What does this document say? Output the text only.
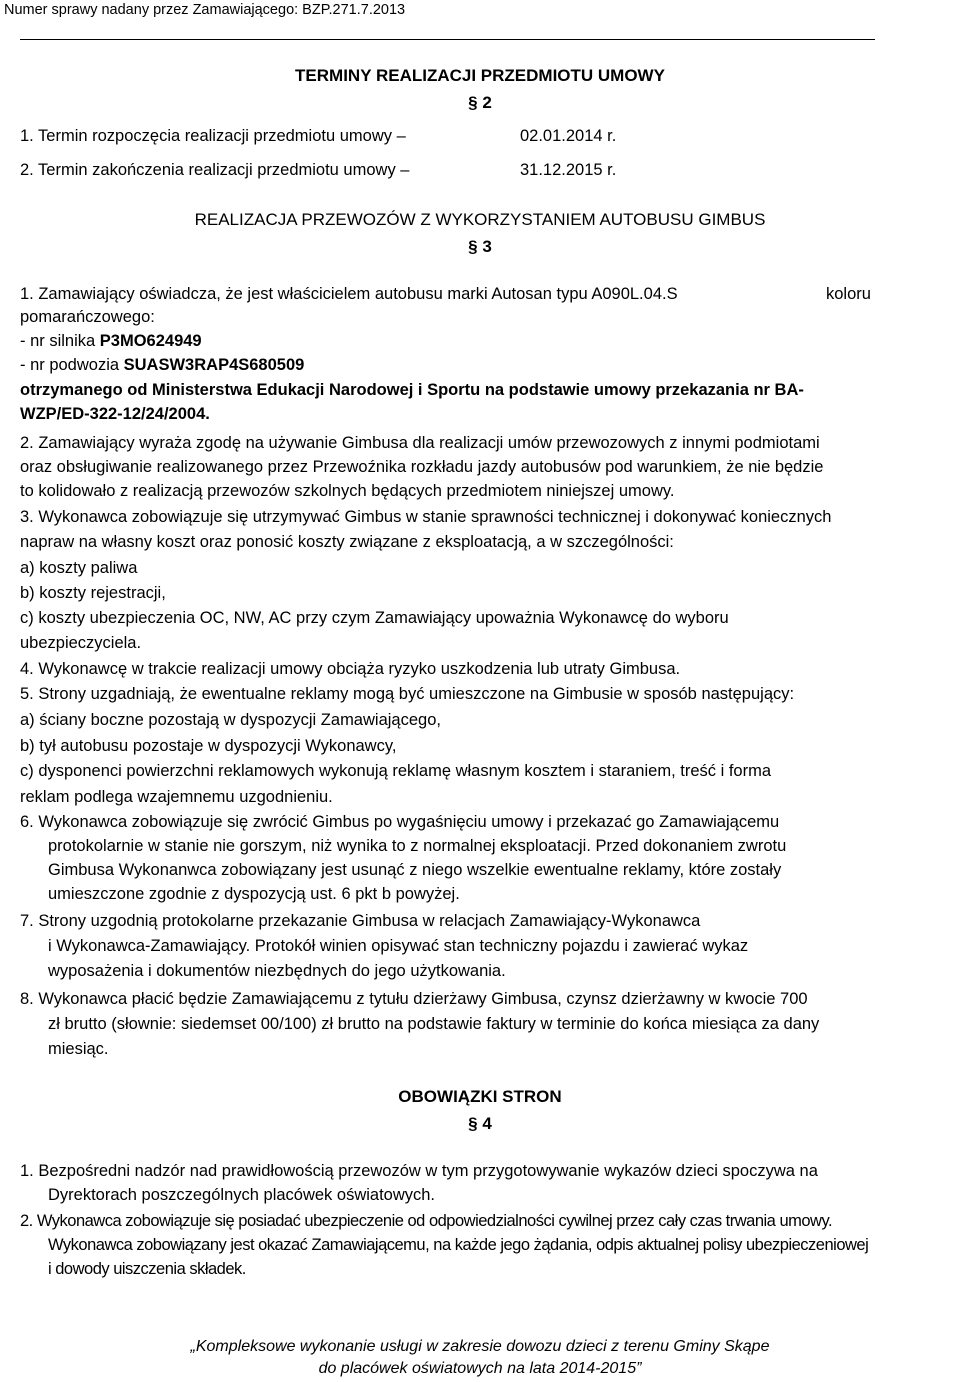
Numer sprawy nadany przez Zamawiającego: BZP.271.7.2013
TERMINY REALIZACJI PRZEDMIOTU UMOWY
§ 2
1. Termin rozpoczęcia realizacji przedmiotu umowy –	02.01.2014 r.
2. Termin zakończenia realizacji przedmiotu umowy –	31.12.2015 r.
REALIZACJA PRZEWOZÓW Z WYKORZYSTANIEM AUTOBUSU GIMBUS
§ 3
1. Zamawiający oświadcza, że jest właścicielem autobusu marki Autosan typu A090L.04.S	koloru
pomarańczowego:
- nr silnika P3MO624949
- nr podwozia SUASW3RAP4S680509
otrzymanego od Ministerstwa Edukacji Narodowej i Sportu na podstawie umowy przekazania nr BA-
WZP/ED-322-12/24/2004.
2. Zamawiający wyraża zgodę na używanie Gimbusa dla realizacji umów przewozowych z innymi podmiotami
oraz obsługiwanie realizowanego przez Przewoźnika rozkładu jazdy autobusów pod warunkiem, że nie będzie
to kolidowało z realizacją przewozów szkolnych będących przedmiotem niniejszej umowy.
3. Wykonawca zobowiązuje się utrzymywać Gimbus w stanie sprawności technicznej i dokonywać koniecznych
napraw na własny koszt oraz ponosić koszty związane z eksploatacją, a w szczególności:
a) koszty paliwa
b) koszty rejestracji,
c) koszty ubezpieczenia OC, NW, AC przy czym Zamawiający upoważnia Wykonawcę do wyboru
ubezpieczyciela.
4. Wykonawcę w trakcie realizacji umowy obciąża ryzyko uszkodzenia lub utraty Gimbusa.
5. Strony uzgadniają, że ewentualne reklamy mogą być umieszczone na Gimbusie w sposób następujący:
a) ściany boczne pozostają w dyspozycji Zamawiającego,
b) tył autobusu pozostaje w dyspozycji Wykonawcy,
c) dysponenci powierzchni reklamowych wykonują reklamę własnym kosztem i staraniem, treść i forma
reklam podlega wzajemnemu uzgodnieniu.
6. Wykonawca zobowiązuje się zwrócić Gimbus po wygaśnięciu umowy i przekazać go Zamawiającemu
protokolarnie w stanie nie gorszym, niż wynika to z normalnej eksploatacji. Przed dokonaniem zwrotu
Gimbusa Wykonanwca zobowiązany jest usunąć z niego wszelkie ewentualne reklamy, które zostały
umieszczone zgodnie z dyspozycją ust. 6 pkt b powyżej.
7. Strony uzgodnią protokolarne przekazanie Gimbusa w relacjach Zamawiający-Wykonawca
i Wykonawca-Zamawiający. Protokół winien opisywać stan techniczny pojazdu i zawierać wykaz
wyposażenia i dokumentów niezbędnych do jego użytkowania.
8. Wykonawca płacić będzie Zamawiającemu z tytułu dzierżawy Gimbusa, czynsz dzierżawny w kwocie 700
zł brutto (słownie: siedemset 00/100) zł brutto na podstawie faktury w terminie do końca miesiąca za dany
miesiąc.
OBOWIĄZKI STRON
§ 4
1. Bezpośredni nadzór nad prawidłowością przewozów w tym przygotowywanie wykazów dzieci spoczywa na
Dyrektorach poszczególnych placówek oświatowych.
2. Wykonawca zobowiązuje się posiadać ubezpieczenie od odpowiedzialności cywilnej przez cały czas trwania umowy.
Wykonawca zobowiązany jest okazać Zamawiającemu, na każde jego żądania, odpis aktualnej polisy ubezpieczeniowej
i dowody uiszczenia składek.
„Kompleksowe wykonanie usługi w zakresie dowozu dzieci z terenu Gminy Skąpe
do placówek oświatowych na lata 2014-2015”
